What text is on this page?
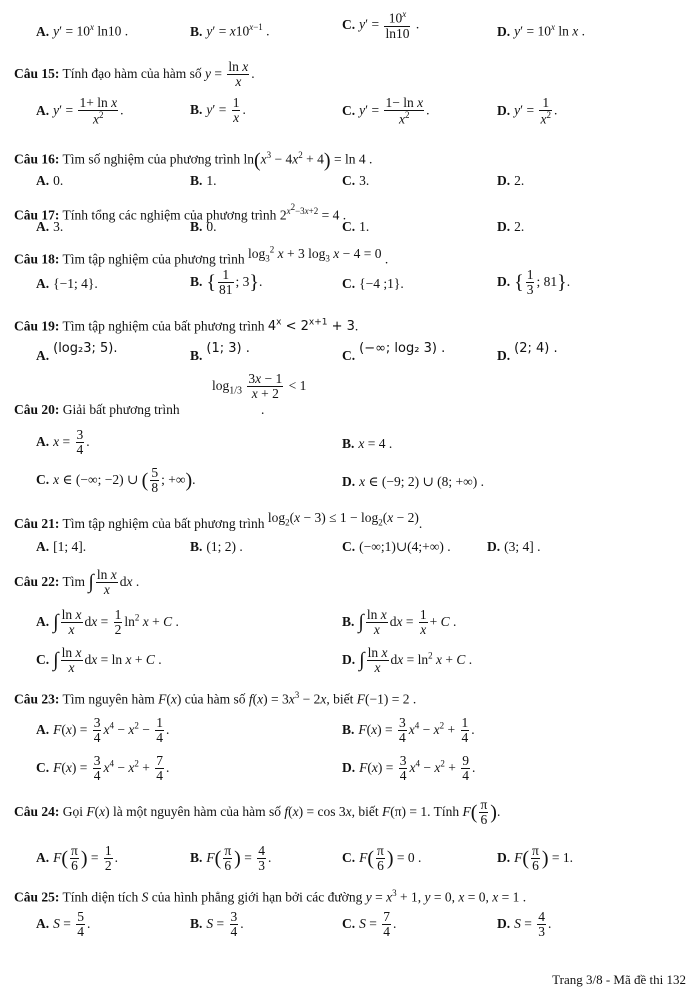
A. $y' = 10^x$ ln10 .	B. $y' = x10^{x-1}$ .	C. $y' = \frac{10^x}{\ln 10}$ .	D. $y' = 10^x$ ln x .
Câu 15: Tính đạo hàm của hàm số $y = \frac{\text{ln x}}{x}$ .
A. $y' = \frac{\text{1+ ln x}}{x^2}$ .	B. $y' = \frac{1}{x}$ .	C. $y' = \frac{\text{1− ln x}}{x^2}$ .	D. $y' = \frac{1}{x^2}$ .
Câu 16: Tìm số nghiệm của phương trình $\ln(x^3 - 4x^2 + 4) = \ln 4$ .
A. 0.	B. 1.	C. 3.	D. 2.
Câu 17: Tính tổng các nghiệm của phương trình $2^{x^2-3x+2} = 4$ .
A. 3.	B. 0.	C. 1.	D. 2.
Câu 18: Tìm tập nghiệm của phương trình $\log_3^2 x + 3$ $\log_3 x - 4 = 0$ .
A. {−1; 4}.	B. { $\frac{1}{81}$ ; 3}.	C. {−4 ;1}.	D. { $\frac{1}{3}$ ; 81}.
Câu 19: Tìm tập nghiệm của bất phương trình $4^x < 2^{x+1} + 3$.
A. (log₂3; 5).	B. (1; 3) .	C. (−∞; log₂ 3) .	D. (2; 4) .
$\log_{1/3} \frac{3x - 1}{x + 2} < 1$
Câu 20: Giải bất phương trình	.
A. $x = \frac{3}{4}$ .	B. x = 4 .
C. x ∈ (−∞; −2) ∪ ( $\frac{5}{8}$ ; +∞).	D. x ∈ (−9; 2) ∪ (8; +∞) .
Câu 21: Tìm tập nghiệm của bất phương trình $\log_2(x - 3) \le 1 - \log_2(x - 2)$.
A. [1; 4].	B. (1; 2) .	C. (−∞;1)∪(4;+∞) .	D. (3; 4] .
Câu 22: Tìm ∫ $\frac{\text{ln x}}{x}$ dx .
A. ∫ $\frac{\text{ln x}}{x}$ dx = $\frac{1}{2} \ln^2 x + C$ .	B. ∫ $\frac{\text{ln x}}{x}$ dx = $\frac{1}{x} + C$ .
C. ∫ $\frac{\text{ln x}}{x}$ dx = ln x + C .	D. ∫ $\frac{\text{ln x}}{x}$ dx = $\ln^2 x + C$ .
Câu 23: Tìm nguyên hàm F(x) của hàm số $f(x) = 3x^3 - 2x$, biết F(−1) = 2 .
A. $F(x) = \frac{3}{4} x^4 - x^2 - \frac{1}{4}$ .	B. $F(x) = \frac{3}{4} x^4 - x^2 + \frac{1}{4}$ .
C. $F(x) = \frac{3}{4} x^4 - x^2 + \frac{7}{4}$ .	D. $F(x) = \frac{3}{4} x^4 - x^2 + \frac{9}{4}$ .
Câu 24: Gọi F(x) là một nguyên hàm của hàm số f(x) = cos 3x, biết F(π) = 1. Tính $F( \frac{\pi}{6}$ ).
A. $F( \frac{\pi}{6}$ ) = $\frac{1}{2}$ .	B. $F( \frac{\pi}{6}$ ) = $\frac{4}{3}$ .	C. $F( \frac{\pi}{6}$ ) = 0 .	D. $F( \frac{\pi}{6}$ ) = 1.
Câu 25: Tính diện tích S của hình phẳng giới hạn bởi các đường $y = x^3 + 1$, y = 0, x = 0, x = 1 .
A. $S = \frac{5}{4}$ .	B. $S = \frac{3}{4}$ .	C. $S = \frac{7}{4}$ .	D. $S = \frac{4}{3}$ .
Trang 3/8 - Mã đề thi 132
